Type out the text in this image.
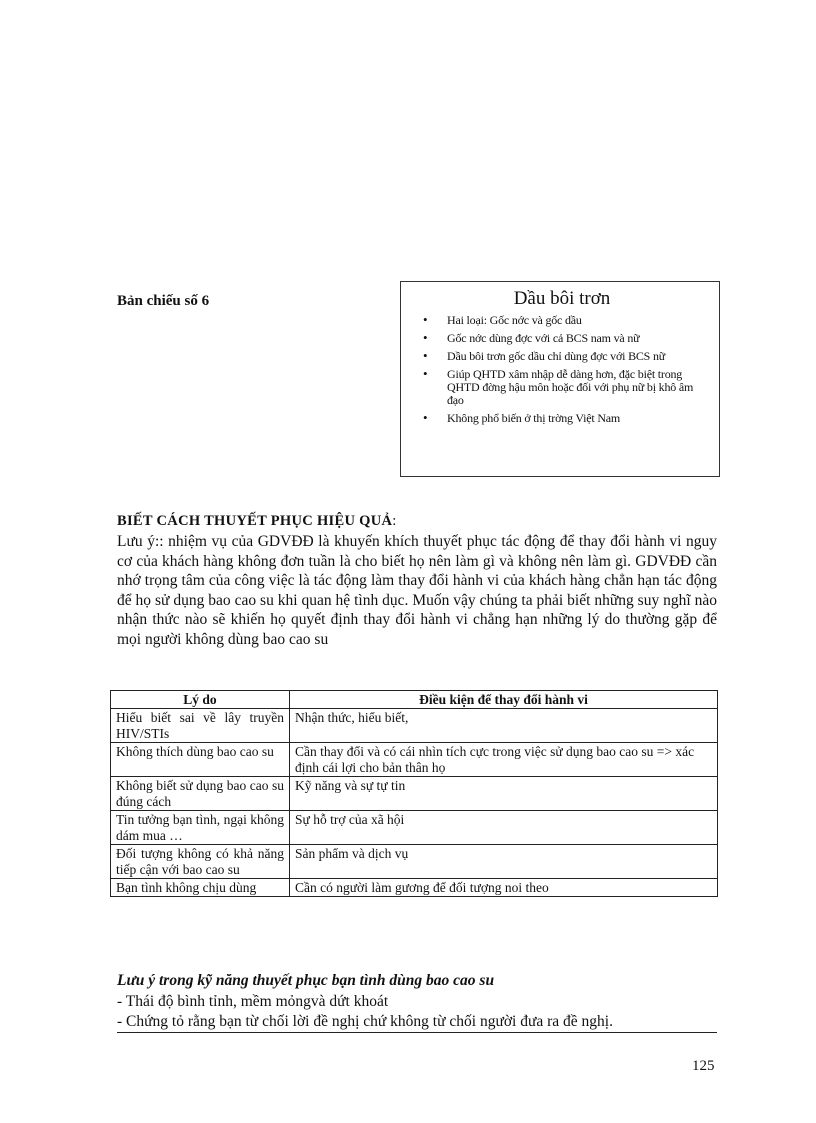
Bản chiếu số 6	Dầu bôi trơn
• Hai loại: Gốc nớc và gốc dầu
• Gốc nớc dùng đợc với cả BCS nam và nữ
• Dầu bôi trơn gốc dầu chỉ dùng đợc với BCS nữ
• Giúp QHTD xâm nhập dễ dàng hơn, đặc biệt trong QHTD đờng hậu môn hoặc đối với phụ nữ bị khô âm đạo
• Không phổ biến ở thị trờng Việt Nam
BIẾT CÁCH THUYẾT PHỤC HIỆU QUẢ:
Lưu ý:: nhiệm vụ của GDVĐĐ là khuyến khích thuyết phục tác động để thay đổi hành vi nguy cơ của khách hàng không đơn tuần là cho biết họ nên làm gì và không nên làm gì. GDVĐĐ cần nhớ trọng tâm của công việc là tác động làm thay đổi hành vi của khách hàng chẳn hạn tác động để họ sử dụng bao cao su khi quan hệ tình dục. Muốn vậy chúng ta phải biết những suy nghĩ nào nhận thức nào sẽ khiến họ quyết định thay đổi hành vi chẳng hạn những lý do thường gặp để mọi người không dùng bao cao su
Lý do	Điều kiện để thay đổi hành vi
Hiểu biết sai về lây truyền HIV/STIs	Nhận thức, hiểu biết,
Không thích dùng bao cao su	Cần thay đổi và có cái nhìn tích cực trong việc sử dụng bao cao su => xác định cái lợi cho bản thân họ
Không biết sử dụng bao cao su đúng cách	Kỹ năng và sự tự tin
Tin tưởng bạn tình, ngại không dám mua …	Sự hỗ trợ của xã hội
Đối tượng không có khả năng tiếp cận với bao cao su	Sản phẩm và dịch vụ
Bạn tình không chịu dùng	Cần có người làm gương để đối tượng noi theo
Lưu ý trong kỹ năng thuyết phục bạn tình dùng bao cao su
- Thái độ bình tỉnh, mềm mỏngvà dứt khoát
- Chứng tỏ rằng bạn từ chối lời đề nghị chứ không từ chối người đưa ra đề nghị.
125
